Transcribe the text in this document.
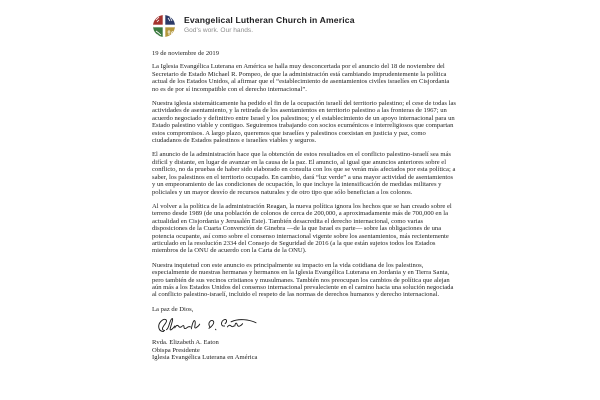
Evangelical Lutheran Church in America
God's work. Our hands.
19 de noviembre de 2019

La Iglesia Evangélica Luterana en América se halla muy desconcertada por el anuncio del 18 de noviembre del Secretario de Estado Michael R. Pompeo, de que la administración está cambiando imprudentemente la política actual de los Estados Unidos, al afirmar que el “establecimiento de asentamientos civiles israelíes en Cisjordania no es de por sí incompatible con el derecho internacional”.

Nuestra iglesia sistemáticamente ha pedido el fin de la ocupación israelí del territorio palestino; el cese de todas las actividades de asentamiento, y la retirada de los asentamientos en territorio palestino a las fronteras de 1967; un acuerdo negociado y definitivo entre Israel y los palestinos; y el establecimiento de un apoyo internacional para un Estado palestino viable y contiguo. Seguiremos trabajando con socios ecuménicos e interreligiosos que compartan estos compromisos. A largo plazo, queremos que israelíes y palestinos coexistan en justicia y paz, como ciudadanos de Estados palestinos e israelíes viables y seguros.

El anuncio de la administración hace que la obtención de estos resultados en el conflicto palestino-israelí sea más difícil y distante, en lugar de avanzar en la causa de la paz. El anuncio, al igual que anuncios anteriores sobre el conflicto, no da pruebas de haber sido elaborado en consulta con los que se verán más afectados por esta política; a saber, los palestinos en el territorio ocupado. En cambio, dará “luz verde” a una mayor actividad de asentamientos y un empeoramiento de las condiciones de ocupación, lo que incluye la intensificación de medidas militares y policiales y un mayor desvío de recursos naturales y de otro tipo que sólo benefician a los colonos.

Al volver a la política de la administración Reagan, la nueva política ignora los hechos que se han creado sobre el terreno desde 1989 (de una población de colonos de cerca de 200,000, a aproximadamente más de 700,000 en la actualidad en Cisjordania y Jerusalén Este). También desacredita el derecho internacional, como varias disposiciones de la Cuarta Convención de Ginebra —de la que Israel es parte— sobre las obligaciones de una potencia ocupante, así como sobre el consenso internacional vigente sobre los asentamientos, más recientemente articulado en la resolución 2334 del Consejo de Seguridad de 2016 (a la que están sujetos todos los Estados miembros de la ONU de acuerdo con la Carta de la ONU).

Nuestra inquietud con este anuncio es principalmente su impacto en la vida cotidiana de los palestinos, especialmente de nuestras hermanas y hermanos en la Iglesia Evangélica Luterana en Jordania y en Tierra Santa, pero también de sus vecinos cristianos y musulmanes. También nos preocupan los cambios de política que alejan aún más a los Estados Unidos del consenso internacional prevaleciente en el camino hacia una solución negociada al conflicto palestino-israelí, incluido el respeto de las normas de derechos humanos y derecho internacional.

La paz de Dios,
Rvda. Elizabeth A. Eaton
Obispa Presidente
Iglesia Evangélica Luterana en América
